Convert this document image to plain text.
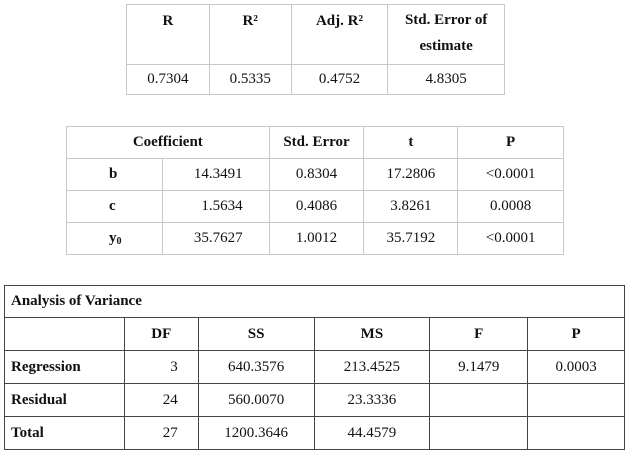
R	R²	Adj. R²	Std. Error of estimate
0.7304	0.5335	0.4752	4.8305
Coefficient		Std. Error	t	P
b	14.3491	0.8304	17.2806	<0.0001
c	1.5634	0.4086	3.8261	0.0008
$y_0$	35.7627	1.0012	35.7192	<0.0001
Analysis of Variance					
	DF	SS	MS	F	P
Regression	3	640.3576	213.4525	9.1479	0.0003
Residual	24	560.0070	23.3336		
Total	27	1200.3646	44.4579		
